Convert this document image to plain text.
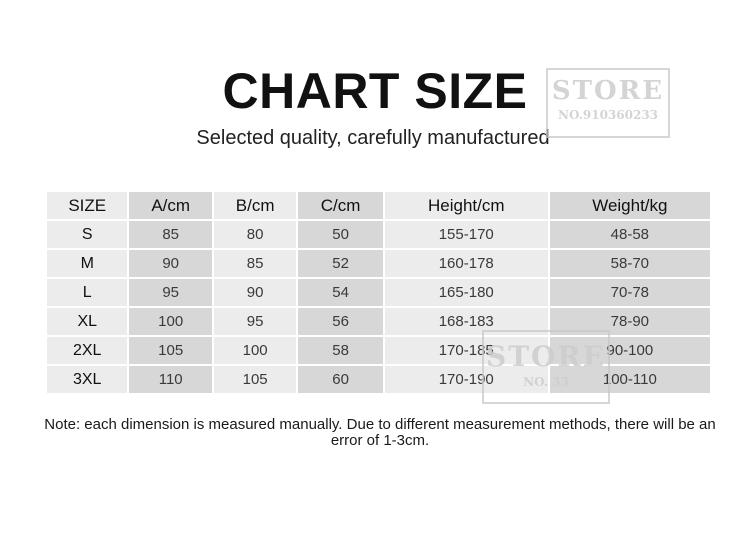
CHART SIZE
Selected quality, carefully manufactured
STORE
NO.910360233
SIZE	A/cm	B/cm	C/cm	Height/cm	Weight/kg
S	85	80	50	155-170	48-58
M	90	85	52	160-178	58-70
L	95	90	54	165-180	70-78
XL	100	95	56	168-183	78-90
2XL	105	100	58	170-185	90-100
3XL	110	105	60	170-190	100-110
STORE
NO. 33
Note: each dimension is measured manually. Due to different measurement methods, there will be an error of 1-3cm.
